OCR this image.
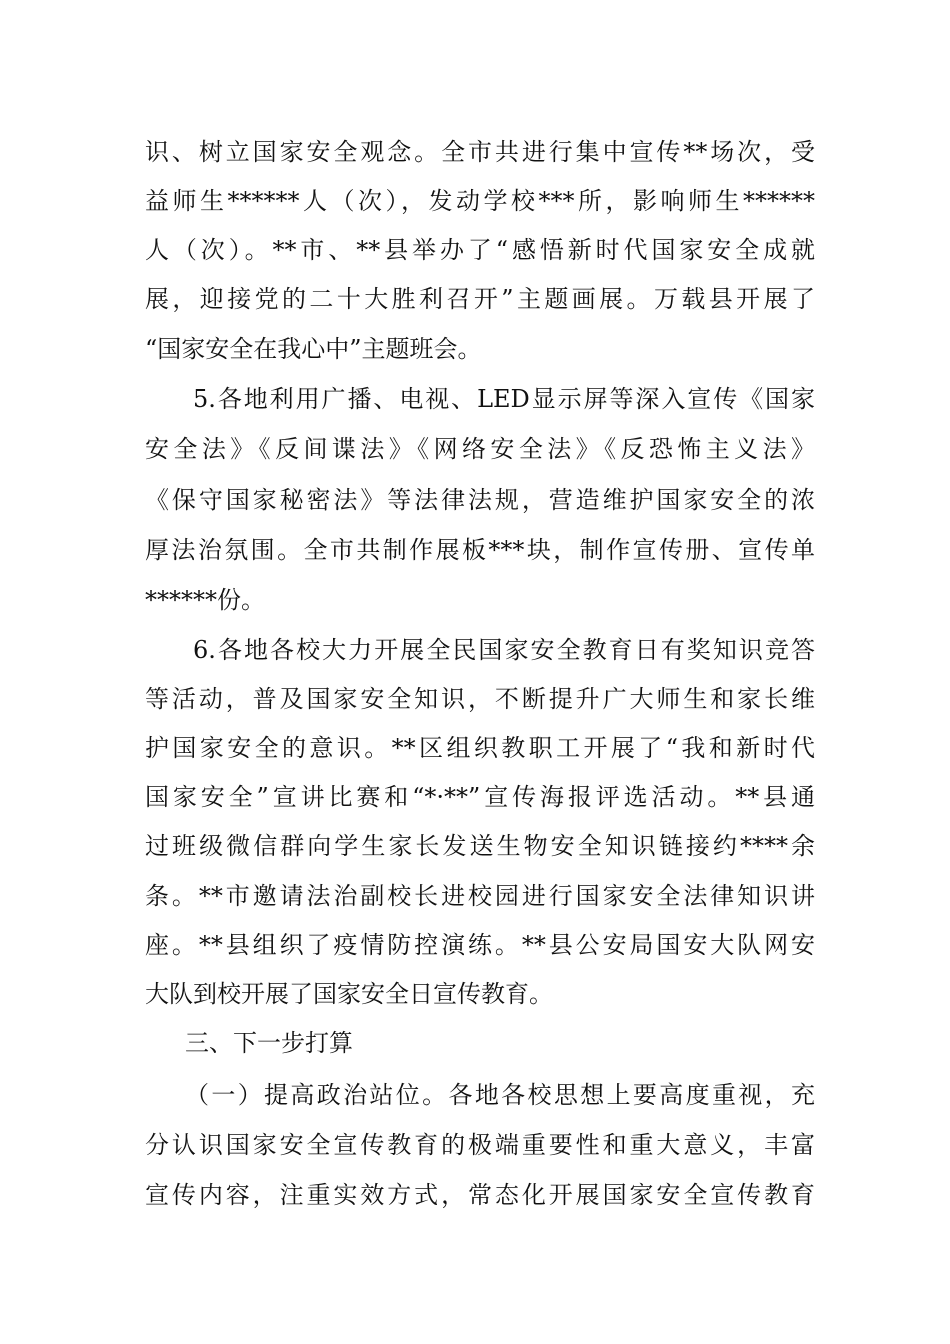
识、树立国家安全观念。全市共进行集中宣传**场次，受
益师生******人（次），发动学校***所，影响师生******
人（次）。**市、**县举办了“感悟新时代国家安全成就
展，迎接党的二十大胜利召开”主题画展。万载县开展了
“国家安全在我心中”主题班会。
5.各地利用广播、电视、LED显示屏等深入宣传《国家
安全法》《反间谍法》《网络安全法》《反恐怖主义法》
《保守国家秘密法》等法律法规，营造维护国家安全的浓
厚法治氛围。全市共制作展板***块，制作宣传册、宣传单
******份。
6.各地各校大力开展全民国家安全教育日有奖知识竞答
等活动，普及国家安全知识，不断提升广大师生和家长维
护国家安全的意识。**区组织教职工开展了“我和新时代
国家安全”宣讲比赛和“*·**”宣传海报评选活动。**县通
过班级微信群向学生家长发送生物安全知识链接约****余
条。**市邀请法治副校长进校园进行国家安全法律知识讲
座。**县组织了疫情防控演练。**县公安局国安大队网安
大队到校开展了国家安全日宣传教育。
三、下一步打算
（一）提高政治站位。各地各校思想上要高度重视，充
分认识国家安全宣传教育的极端重要性和重大意义，丰富
宣传内容，注重实效方式，常态化开展国家安全宣传教育
